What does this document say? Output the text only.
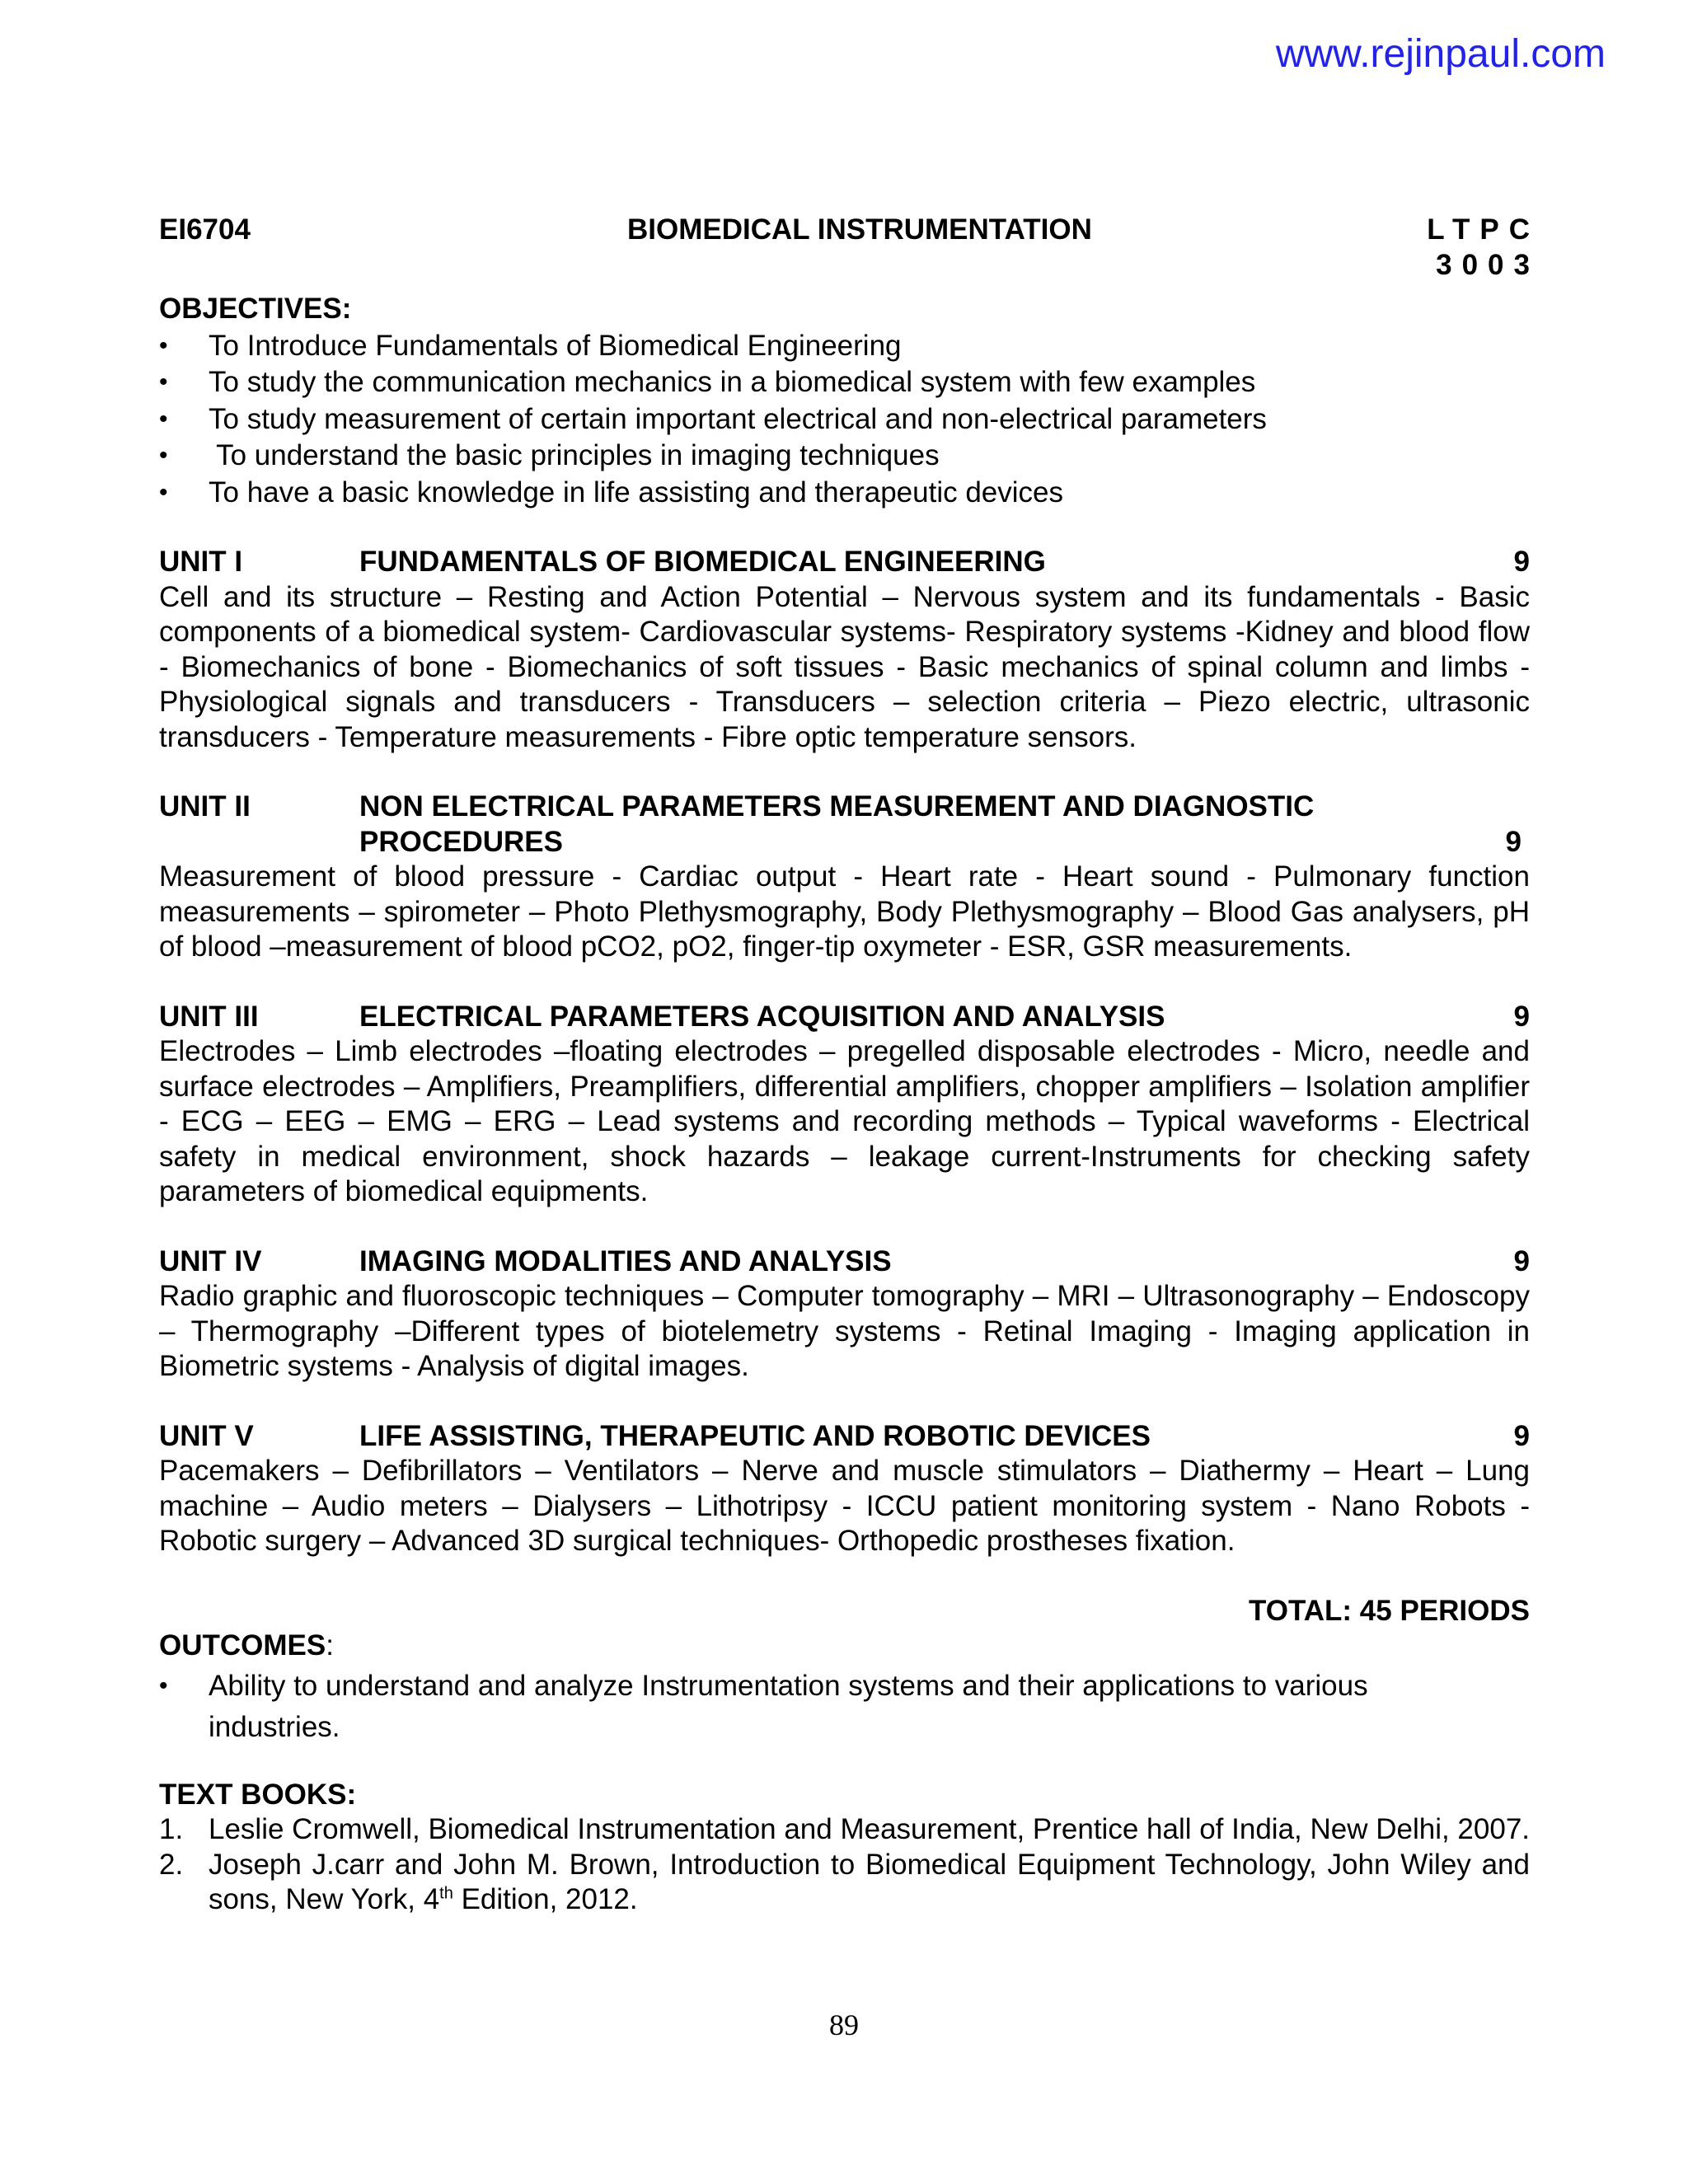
www.rejinpaul.com
EI6704	BIOMEDICAL INSTRUMENTATION	LTPC
3003
OBJECTIVES:
• To Introduce Fundamentals of Biomedical Engineering
• To study the communication mechanics in a biomedical system with few examples
• To study measurement of certain important electrical and non-electrical parameters
•  To understand the basic principles in imaging techniques
• To have a basic knowledge in life assisting and therapeutic devices
UNIT I	FUNDAMENTALS OF BIOMEDICAL ENGINEERING	9
Cell and its structure – Resting and Action Potential – Nervous system and its fundamentals - Basic components of a biomedical system- Cardiovascular systems- Respiratory systems -Kidney and blood flow - Biomechanics of bone - Biomechanics of soft tissues - Basic mechanics of spinal column and limbs -Physiological signals and transducers - Transducers – selection criteria – Piezo electric, ultrasonic transducers - Temperature measurements - Fibre optic temperature sensors.
UNIT II	NON ELECTRICAL PARAMETERS MEASUREMENT AND DIAGNOSTIC PROCEDURES	9
Measurement of blood pressure - Cardiac output - Heart rate - Heart sound - Pulmonary function measurements – spirometer – Photo Plethysmography, Body Plethysmography – Blood Gas analysers, pH of blood –measurement of blood pCO2, pO2, finger-tip oxymeter - ESR, GSR measurements.
UNIT III	ELECTRICAL PARAMETERS ACQUISITION AND ANALYSIS	9
Electrodes – Limb electrodes –floating electrodes – pregelled disposable electrodes - Micro, needle and surface electrodes – Amplifiers, Preamplifiers, differential amplifiers, chopper amplifiers – Isolation amplifier - ECG – EEG – EMG – ERG – Lead systems and recording methods – Typical waveforms - Electrical safety in medical environment, shock hazards – leakage current-Instruments for checking safety parameters of biomedical equipments.
UNIT IV	IMAGING MODALITIES AND ANALYSIS	9
Radio graphic and fluoroscopic techniques – Computer tomography – MRI – Ultrasonography – Endoscopy – Thermography –Different types of biotelemetry systems - Retinal Imaging - Imaging application in Biometric systems - Analysis of digital images.
UNIT V	LIFE ASSISTING, THERAPEUTIC AND ROBOTIC DEVICES	9
Pacemakers – Defibrillators – Ventilators – Nerve and muscle stimulators – Diathermy – Heart – Lung machine – Audio meters – Dialysers – Lithotripsy - ICCU patient monitoring system - Nano Robots - Robotic surgery – Advanced 3D surgical techniques- Orthopedic prostheses fixation.
TOTAL: 45 PERIODS
OUTCOMES:
• Ability to understand and analyze Instrumentation systems and their applications to various industries.
TEXT BOOKS:
1. Leslie Cromwell, Biomedical Instrumentation and Measurement, Prentice hall of India, New Delhi, 2007.
2. Joseph J.carr and John M. Brown, Introduction to Biomedical Equipment Technology, John Wiley and sons, New York, 4th Edition, 2012.
89
